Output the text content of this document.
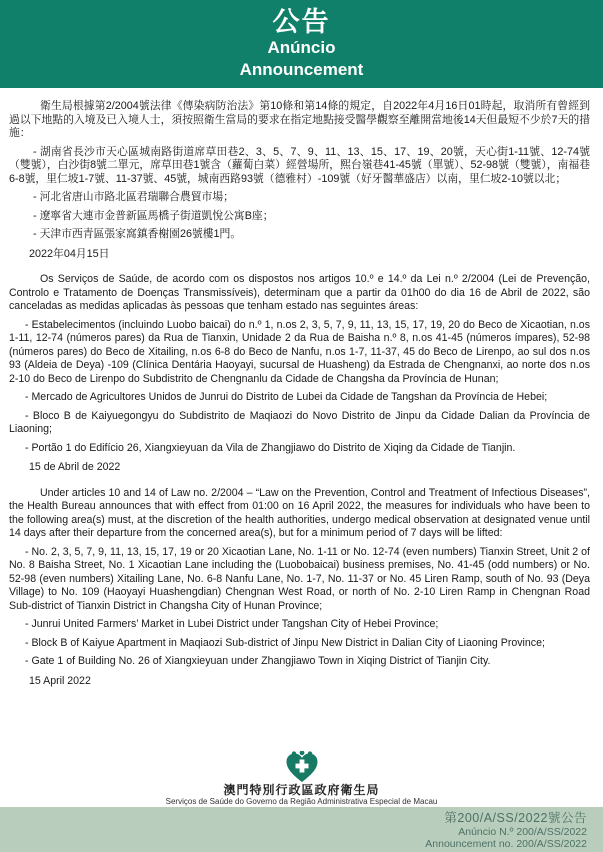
公告
Anúncio
Announcement

衛生局根據第2/2004號法律《傳染病防治法》第10條和第14條的規定，自2022年4月16日01時起，取消所有曾經到過以下地點的入境及已入境人士，須按照衛生當局的要求在指定地點接受醫學觀察至離開當地後14天但最短不少於7天的措施：

- 湖南省長沙市天心區城南路街道席草田巷2、3、5、7、9、11、13、15、17、19、20號，天心街1-11號、12-74號（雙號），白沙街8號二單元，席草田巷1號含（蘿蔔白菜）經營場所，熙台嶺巷41-45號（單號）、52-98號（雙號），南福巷6-8號，里仁坡1-7號、11-37號、45號，城南西路93號（德雅村）-109號（好牙醫華盛店）以南，里仁坡2-10號以北；

- 河北省唐山市路北區君瑞聯合農貿市場；

- 遼寧省大連市金普新區馬橋子街道凱悅公寓B座；

- 天津市西青區張家窩鎮香榭園26號樓1門。

2022年04月15日

Os Serviços de Saúde, de acordo com os dispostos nos artigos 10.º e 14.º da Lei n.º 2/2004 (Lei de Prevenção, Controlo e Tratamento de Doenças Transmissíveis), determinam que a partir da 01h00 do dia 16 de Abril de 2022, são canceladas as medidas aplicadas às pessoas que tenham estado nas seguintes áreas:

- Estabelecimentos (incluindo Luobo baicai) do n.º 1, n.os 2, 3, 5, 7, 9, 11, 13, 15, 17, 19, 20 do Beco de Xicaotian, n.os 1-11, 12-74 (números pares) da Rua de Tianxin, Unidade 2 da Rua de Baisha n.º 8, n.os 41-45 (números ímpares), 52-98 (números pares) do Beco de Xitailing, n.os 6-8 do Beco de Nanfu, n.os 1-7, 11-37, 45 do Beco de Lirenpo, ao sul dos n.os 93 (Aldeia de Deya) -109 (Clínica Dentária Haoyayi, sucursal de Huasheng) da Estrada de Chengnanxi, ao norte dos n.os 2-10 do Beco de Lirenpo do Subdistrito de Chengnanlu da Cidade de Changsha da Província de Hunan;

- Mercado de Agricultores Unidos de Junrui do Distrito de Lubei da Cidade de Tangshan da Província de Hebei;

- Bloco B de Kaiyuegongyu do Subdistrito de Maqiaozi do Novo Distrito de Jinpu da Cidade Dalian da Província de Liaoning;

- Portão 1 do Edifício 26, Xiangxieyuan da Vila de Zhangjiawo do Distrito de Xiqing da Cidade de Tianjin.

15 de Abril de 2022

Under articles 10 and 14 of Law no. 2/2004 – “Law on the Prevention, Control and Treatment of Infectious Diseases”, the Health Bureau announces that with effect from 01:00 on 16 April 2022, the measures for individuals who have been to the following area(s) must, at the discretion of the health authorities, undergo medical observation at designated venue until 14 days after their departure from the concerned area(s), but for a minimum period of 7 days will be lifted:

- No. 2, 3, 5, 7, 9, 11, 13, 15, 17, 19 or 20 Xicaotian Lane, No. 1-11 or No. 12-74 (even numbers) Tianxin Street, Unit 2 of No. 8 Baisha Street, No. 1 Xicaotian Lane including the (Luobobaicai) business premises, No. 41-45 (odd numbers) or No. 52-98 (even numbers) Xitailing Lane, No. 6-8 Nanfu Lane, No. 1-7, No. 11-37 or No. 45 Liren Ramp, south of No. 93 (Deya Village) to No. 109 (Haoyayi Huashengdian) Chengnan West Road, or north of No. 2-10 Liren Ramp in Chengnan Road Sub-district of Tianxin District in Changsha City of Hunan Province;

- Junrui United Farmers’ Market in Lubei District under Tangshan City of Hebei Province;

- Block B of Kaiyue Apartment in Maqiaozi Sub-district of Jinpu New District in Dalian City of Liaoning Province;

- Gate 1 of Building No. 26 of Xiangxieyuan under Zhangjiawo Town in Xiqing District of Tianjin City.

15 April 2022

澳門特別行政區政府衛生局
Serviços de Saúde do Governo da Região Administrativa Especial de Macau
第200/A/SS/2022號公告
Anúncio N.º 200/A/SS/2022
Announcement no. 200/A/SS/2022
